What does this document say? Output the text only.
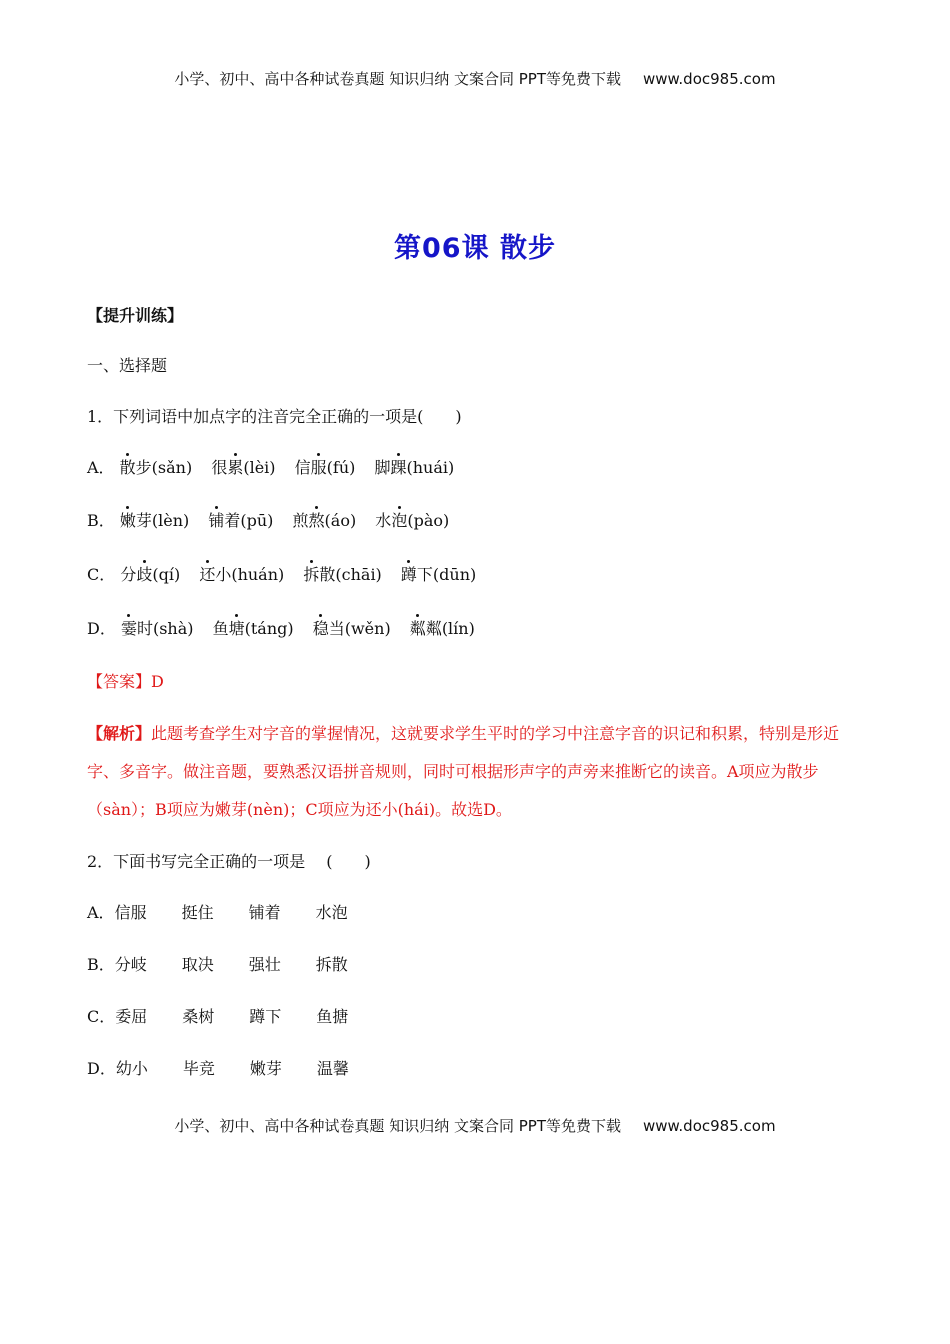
小学、初中、高中各种试卷真题 知识归纳 文案合同 PPT等免费下载 www.doc985.com
第06课 散步
【提升训练】
一、选择题
1．下列词语中加点字的注音完全正确的一项是(　　)
A． 散步(sǎn) 很累(lèi) 信服(fú) 脚踝(huái)
B． 嫩芽(lèn) 铺着(pū) 煎熬(áo) 水泡(pào)
C． 分歧(qí) 还小(huán) 拆散(chāi) 蹲下(dūn)
D． 霎时(shà) 鱼塘(táng) 稳当(wěn) 粼粼(lín)
【答案】D
【解析】此题考查学生对字音的掌握情况，这就要求学生平时的学习中注意字音的识记和积累，特别是形近字、多音字。做注音题，要熟悉汉语拼音规则，同时可根据形声字的声旁来推断它的读音。A项应为散步（sàn）；B项应为嫩芽(nèn)；C项应为还小(hái)。故选D。
2．下面书写完全正确的一项是　 (　　)
A．信服 挺住 铺着 水泡
B．分岐 取决 强壮 拆散
C．委屈 桑树 蹲下 鱼搪
D．幼小 毕竞 嫩芽 温馨
小学、初中、高中各种试卷真题 知识归纳 文案合同 PPT等免费下载 www.doc985.com
